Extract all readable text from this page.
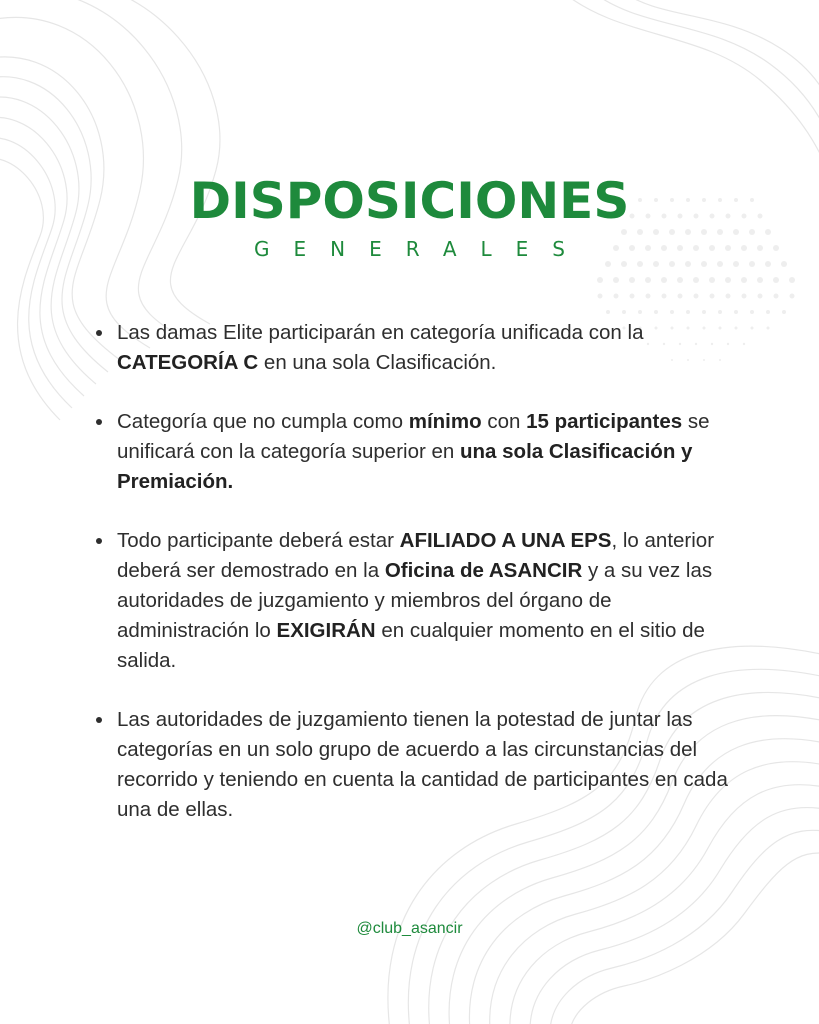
DISPOSICIONES
GENERALES
Las damas Elite participarán en categoría unificada con la CATEGORÍA C en una sola Clasificación.
Categoría que no cumpla como mínimo con 15 participantes se unificará con la categoría superior en una sola Clasificación y Premiación.
Todo participante deberá estar AFILIADO A UNA EPS, lo anterior deberá ser demostrado en la Oficina de ASANCIR y a su vez las autoridades de juzgamiento y miembros del órgano de administración lo EXIGIRÁN en cualquier momento en el sitio de salida.
Las autoridades de juzgamiento tienen la potestad de juntar las categorías en un solo grupo de acuerdo a las circunstancias del recorrido y teniendo en cuenta la cantidad de participantes en cada una de ellas.
@club_asancir
